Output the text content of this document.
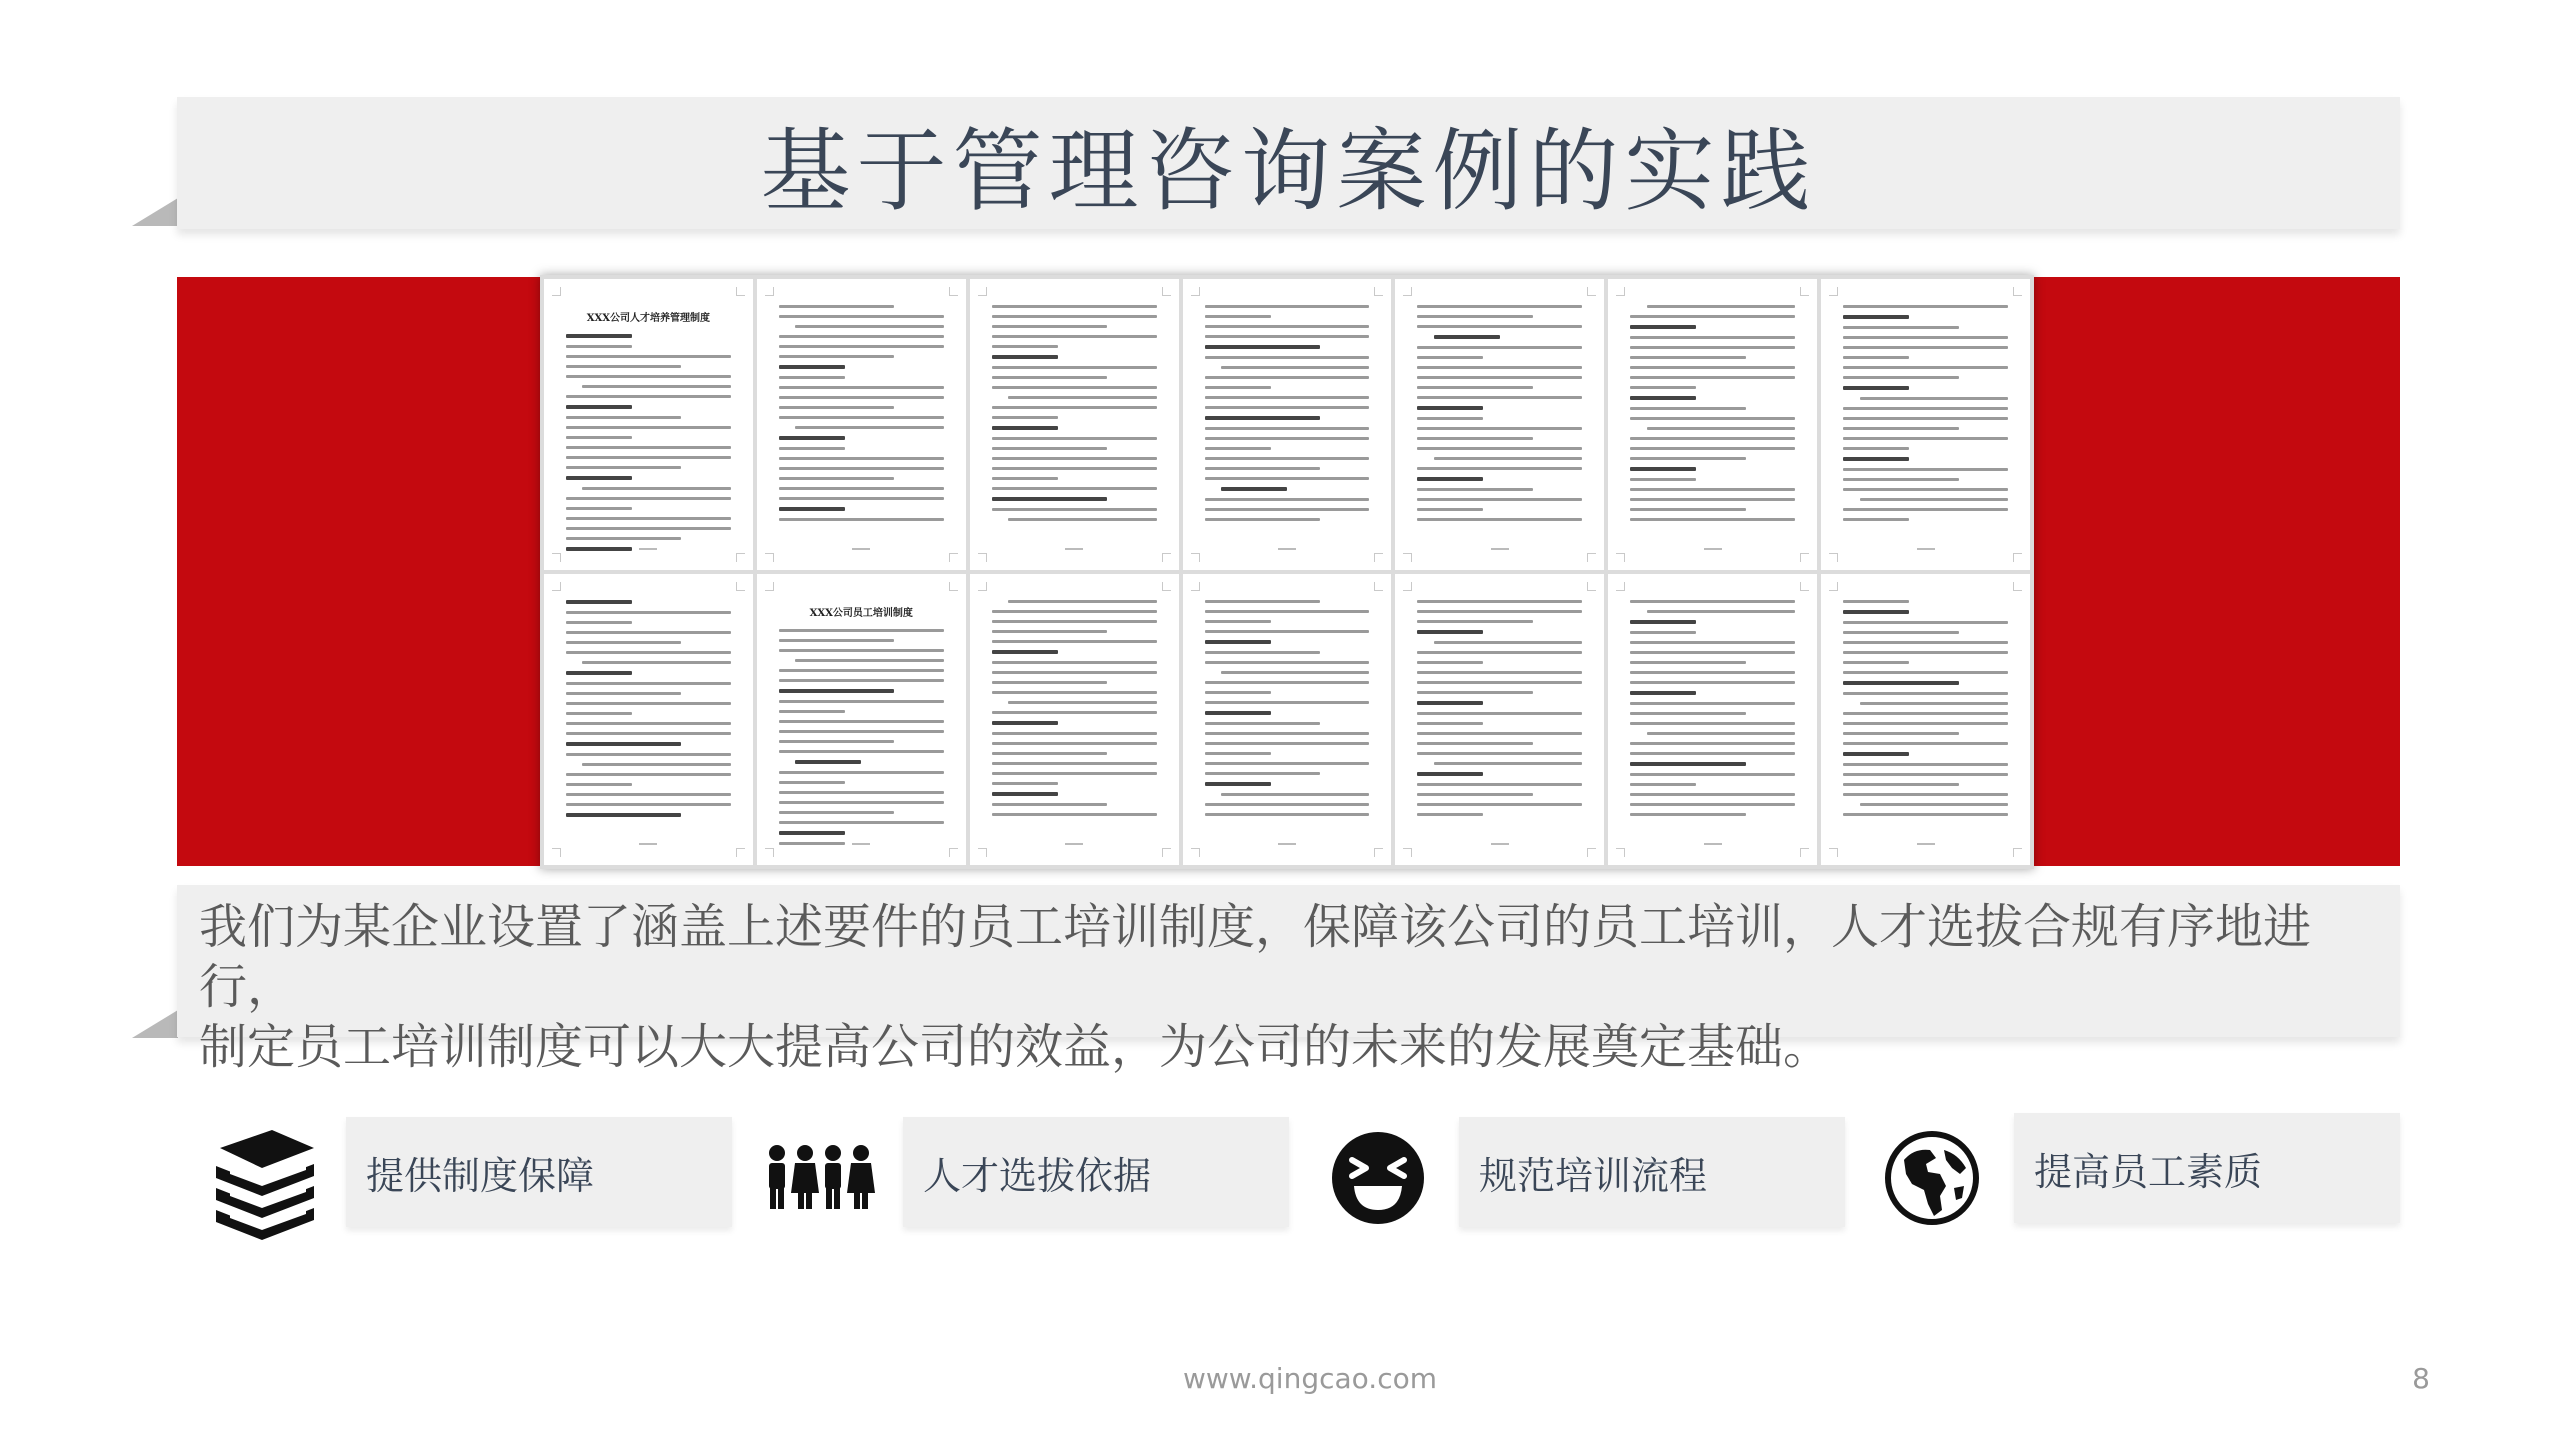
基于管理咨询案例的实践
XXX公司人才培养管理制度
XXX公司员工培训制度
我们为某企业设置了涵盖上述要件的员工培训制度，保障该公司的员工培训，人才选拔合规有序地进行，
制定员工培训制度可以大大提高公司的效益，为公司的未来的发展奠定基础。
提供制度保障	人才选拔依据	规范培训流程	提高员工素质
www.qingcao.com	8
